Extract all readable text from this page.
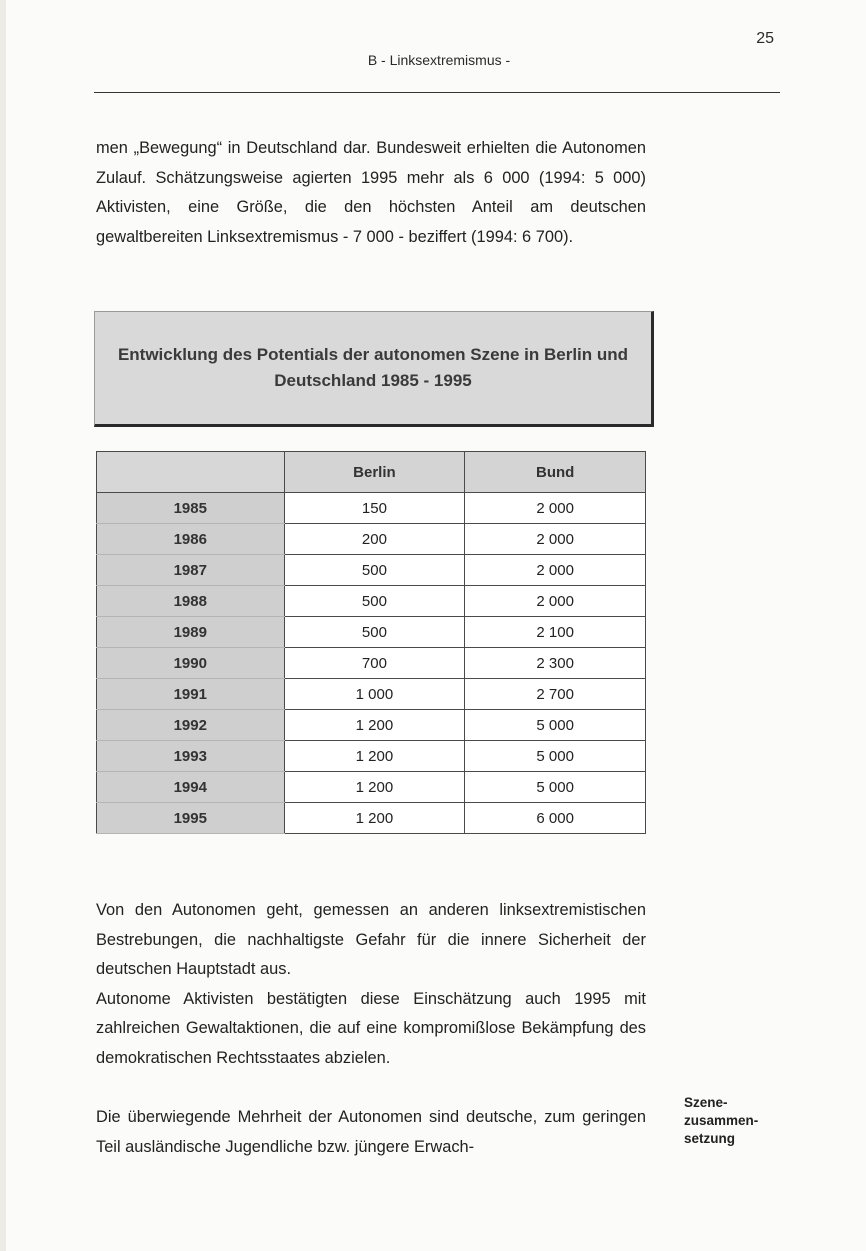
25
B - Linksextremismus -

men „Bewegung“ in Deutschland dar. Bundesweit erhielten die Autonomen Zulauf. Schätzungsweise agierten 1995 mehr als 6 000 (1994: 5 000) Aktivisten, eine Größe, die den höchsten Anteil am deutschen gewaltbereiten Linksextremismus - 7 000 - beziffert (1994: 6 700).

Entwicklung des Potentials der autonomen Szene in Berlin und Deutschland 1985 - 1995
	Berlin	Bund
1985	150	2 000
1986	200	2 000
1987	500	2 000
1988	500	2 000
1989	500	2 100
1990	700	2 300
1991	1 000	2 700
1992	1 200	5 000
1993	1 200	5 000
1994	1 200	5 000
1995	1 200	6 000
Von den Autonomen geht, gemessen an anderen linksextremistischen Bestrebungen, die nachhaltigste Gefahr für die innere Sicherheit der deutschen Hauptstadt aus.
Autonome Aktivisten bestätigten diese Einschätzung auch 1995 mit zahlreichen Gewaltaktionen, die auf eine kompromißlose Bekämpfung des demokratischen Rechtsstaates abzielen.

Die überwiegende Mehrheit der Autonomen sind deutsche, zum geringen Teil ausländische Jugendliche bzw. jüngere Erwach-

Szene-
zusammen-
setzung
